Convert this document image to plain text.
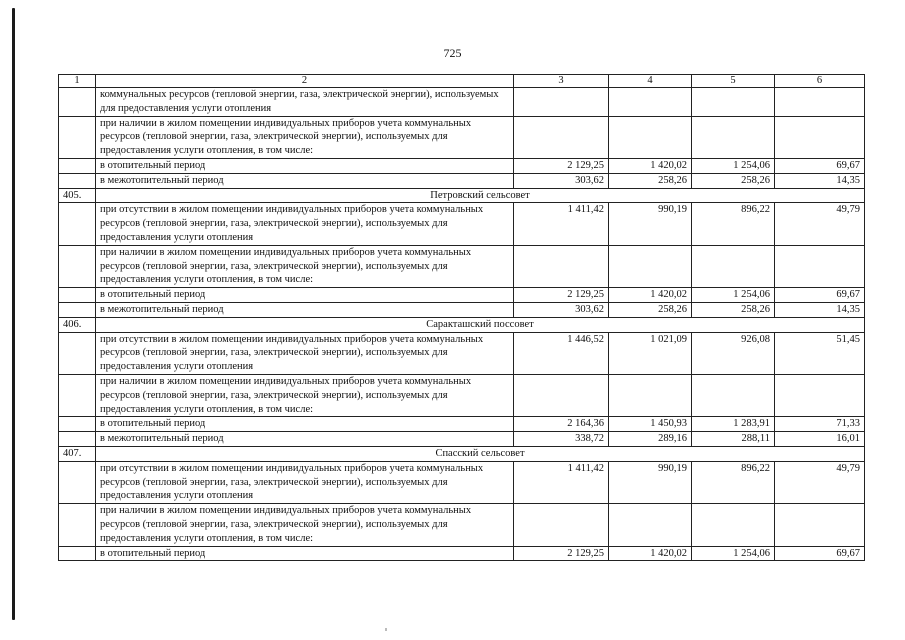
725
1	2	3	4	5	6
	коммунальных ресурсов (тепловой энергии, газа, электрической энергии), используемых для предоставления услуги отопления				
	при наличии в жилом помещении индивидуальных приборов учета коммунальных ресурсов (тепловой энергии, газа, электрической энергии), используемых для предоставления услуги отопления, в том числе:				
	в отопительный период	2 129,25	1 420,02	1 254,06	69,67
	в межотопительный период	303,62	258,26	258,26	14,35
405.	Петровский сельсовет				
	при отсутствии в жилом помещении индивидуальных приборов учета коммунальных ресурсов (тепловой энергии, газа, электрической энергии), используемых для предоставления услуги отопления	1 411,42	990,19	896,22	49,79
	при наличии в жилом помещении индивидуальных приборов учета коммунальных ресурсов (тепловой энергии, газа, электрической энергии), используемых для предоставления услуги отопления, в том числе:				
	в отопительный период	2 129,25	1 420,02	1 254,06	69,67
	в межотопительный период	303,62	258,26	258,26	14,35
406.	Саракташский поссовет				
	при отсутствии в жилом помещении индивидуальных приборов учета коммунальных ресурсов (тепловой энергии, газа, электрической энергии), используемых для предоставления услуги отопления	1 446,52	1 021,09	926,08	51,45
	при наличии в жилом помещении индивидуальных приборов учета коммунальных ресурсов (тепловой энергии, газа, электрической энергии), используемых для предоставления услуги отопления, в том числе:				
	в отопительный период	2 164,36	1 450,93	1 283,91	71,33
	в межотопительный период	338,72	289,16	288,11	16,01
407.	Спасский сельсовет				
	при отсутствии в жилом помещении индивидуальных приборов учета коммунальных ресурсов (тепловой энергии, газа, электрической энергии), используемых для предоставления услуги отопления	1 411,42	990,19	896,22	49,79
	при наличии в жилом помещении индивидуальных приборов учета коммунальных ресурсов (тепловой энергии, газа, электрической энергии), используемых для предоставления услуги отопления, в том числе:				
	в отопительный период	2 129,25	1 420,02	1 254,06	69,67
